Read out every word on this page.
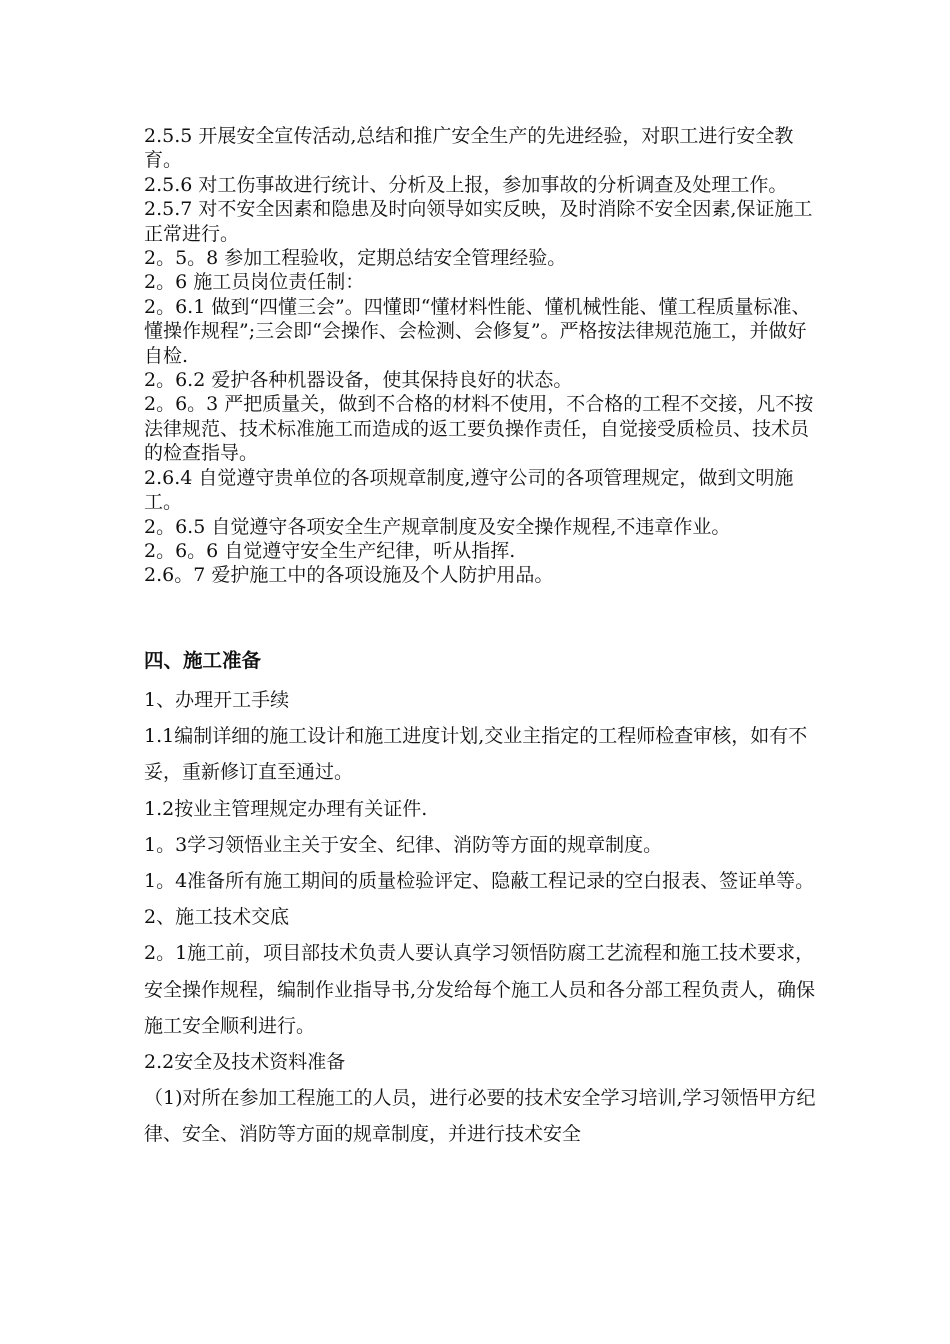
2.5.5 开展安全宣传活动,总结和推广安全生产的先进经验，对职工进行安全教育。

2.5.6 对工伤事故进行统计、分析及上报，参加事故的分析调查及处理工作。

2.5.7 对不安全因素和隐患及时向领导如实反映，及时消除不安全因素,保证施工正常进行。

2。5。8 参加工程验收，定期总结安全管理经验。

2。6 施工员岗位责任制：

2。6.1 做到“四懂三会”。四懂即“懂材料性能、懂机械性能、懂工程质量标准、懂操作规程”;三会即“会操作、会检测、会修复”。严格按法律规范施工，并做好自检.

2。6.2 爱护各种机器设备，使其保持良好的状态。

2。6。3 严把质量关，做到不合格的材料不使用，不合格的工程不交接，凡不按法律规范、技术标准施工而造成的返工要负操作责任，自觉接受质检员、技术员的检查指导。

2.6.4 自觉遵守贵单位的各项规章制度,遵守公司的各项管理规定，做到文明施工。

2。6.5 自觉遵守各项安全生产规章制度及安全操作规程,不违章作业。

2。6。6 自觉遵守安全生产纪律，听从指挥.

2.6。7 爱护施工中的各项设施及个人防护用品。

四、施工准备

1、办理开工手续

1.1编制详细的施工设计和施工进度计划,交业主指定的工程师检查审核，如有不妥，重新修订直至通过。

1.2按业主管理规定办理有关证件.

1。3学习领悟业主关于安全、纪律、消防等方面的规章制度。

1。4准备所有施工期间的质量检验评定、隐蔽工程记录的空白报表、签证单等。

2、施工技术交底

2。1施工前，项目部技术负责人要认真学习领悟防腐工艺流程和施工技术要求，安全操作规程，编制作业指导书,分发给每个施工人员和各分部工程负责人，确保施工安全顺利进行。

2.2安全及技术资料准备

（1)对所在参加工程施工的人员，进行必要的技术安全学习培训,学习领悟甲方纪律、安全、消防等方面的规章制度，并进行技术安全
